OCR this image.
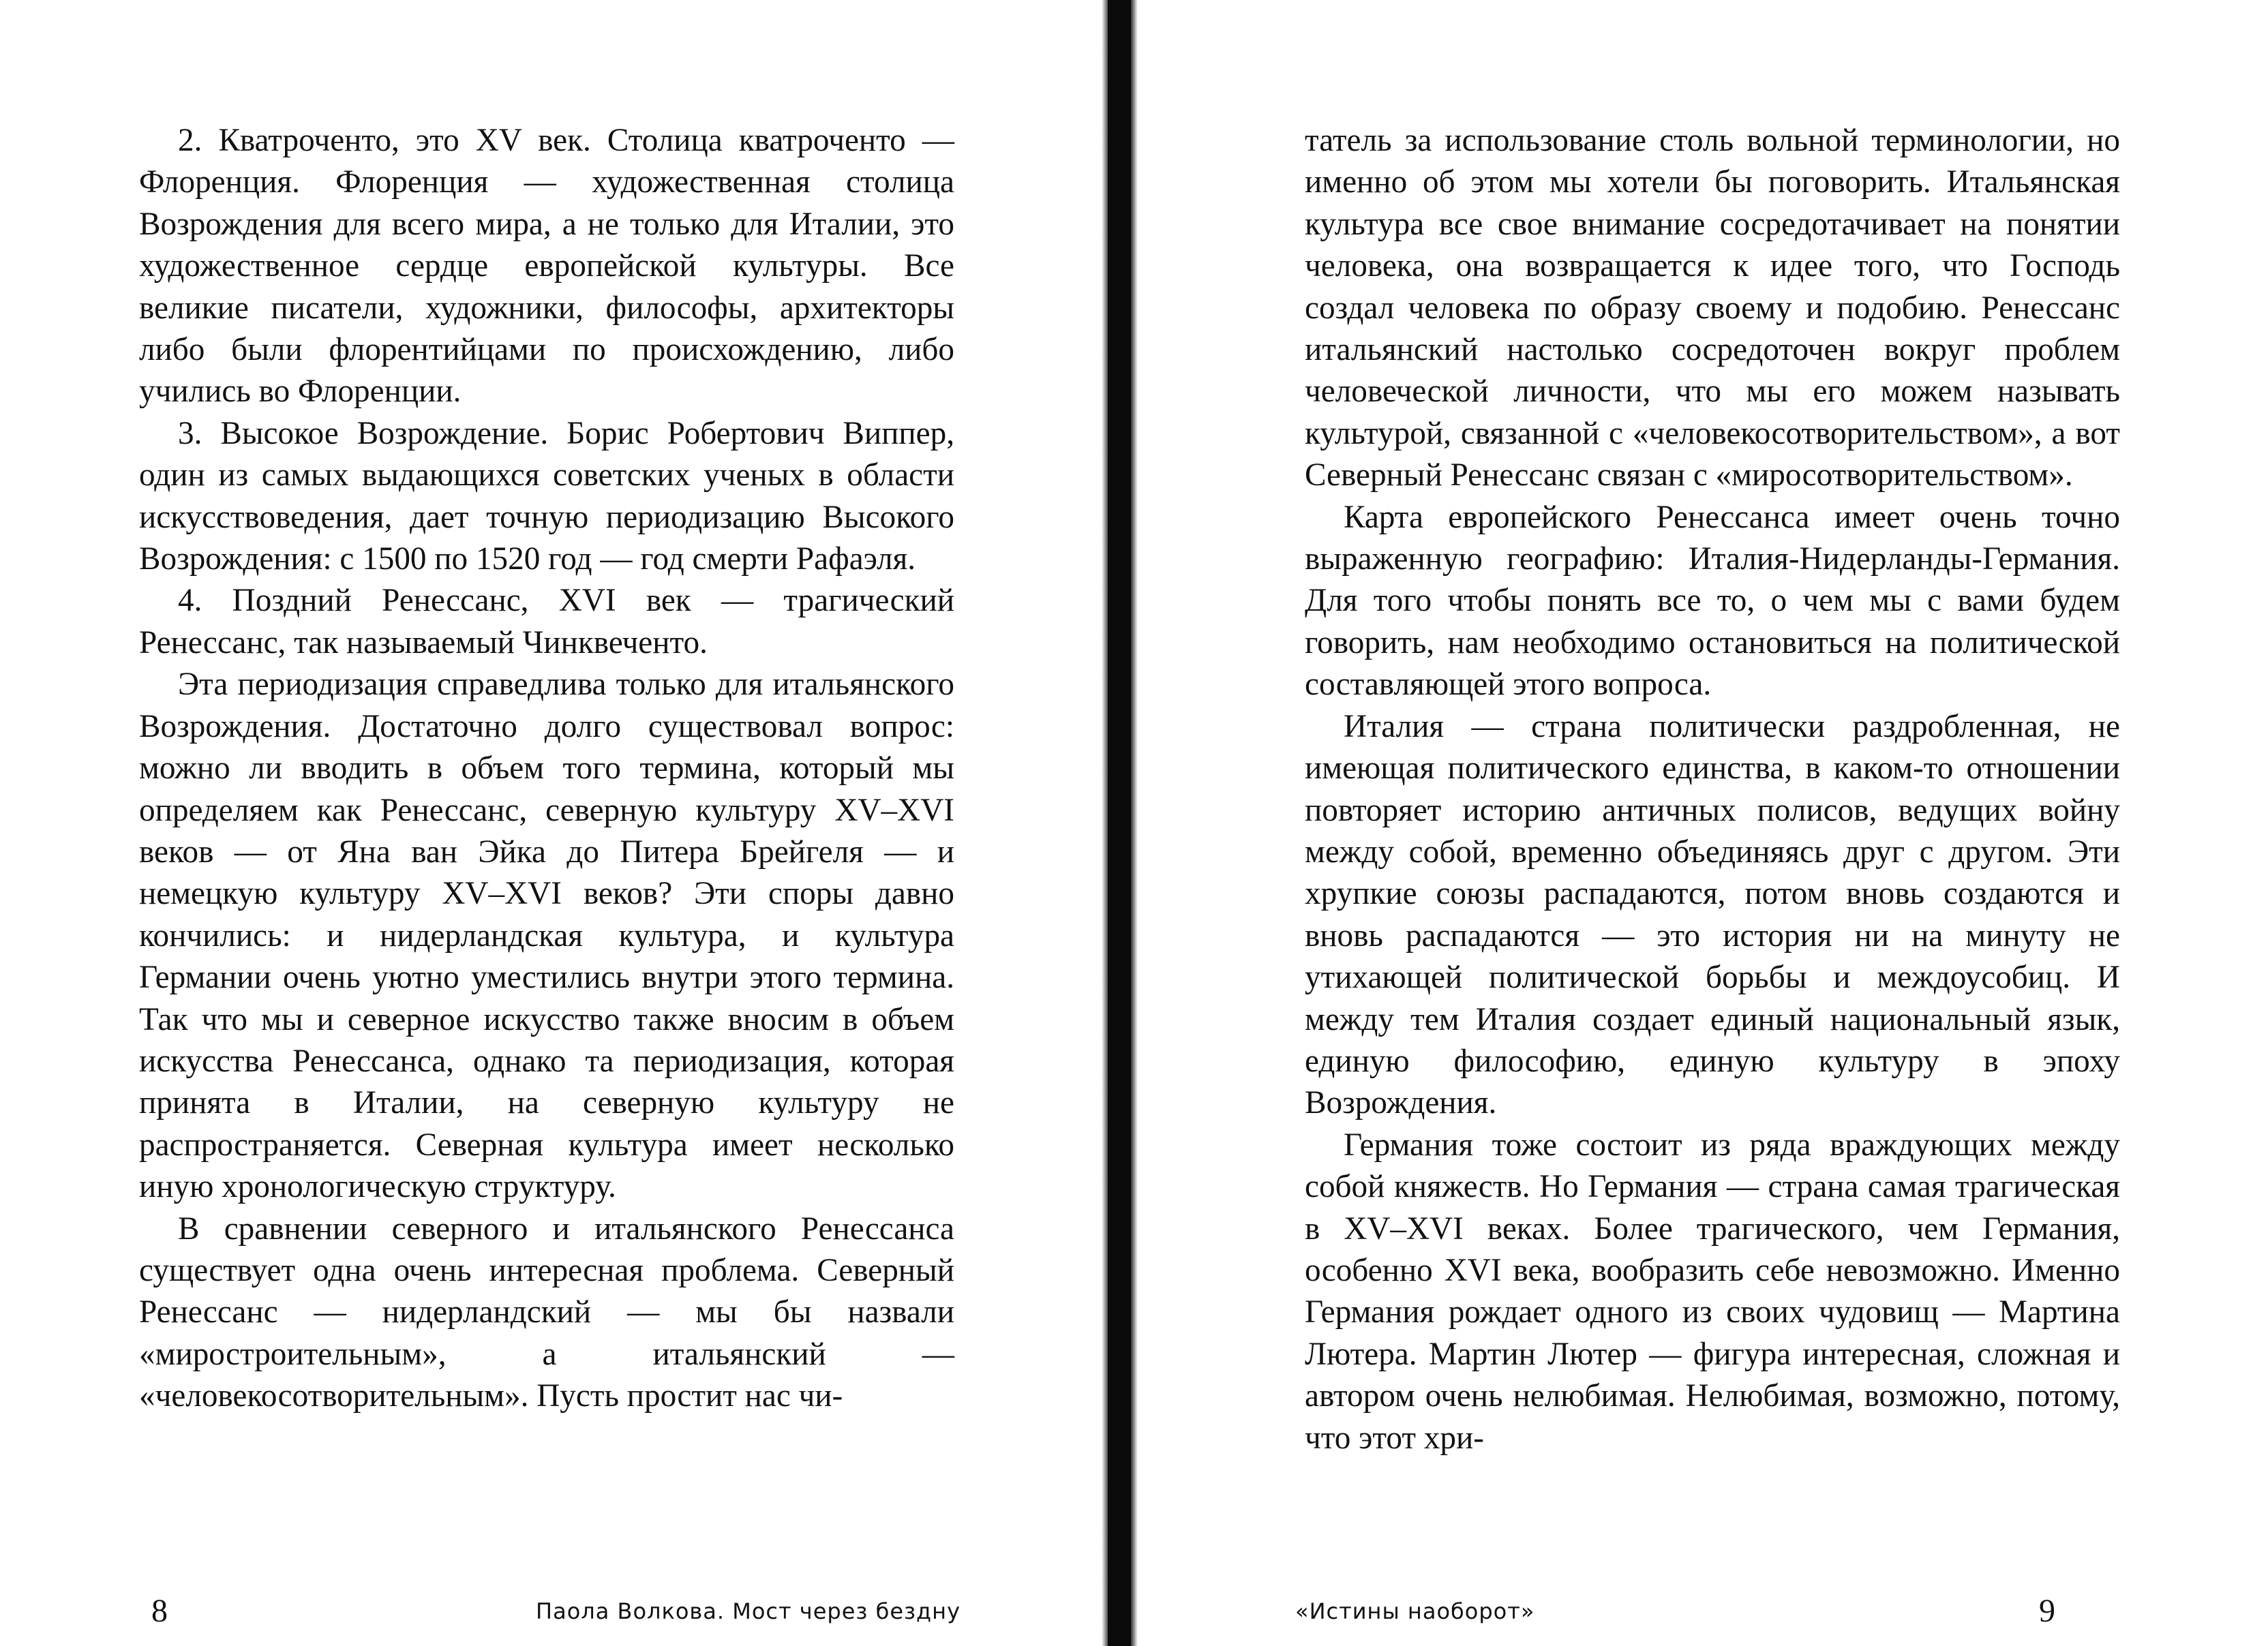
2. Кватроченто, это XV век. Столица кватроченто — Флоренция. Флоренция — художественная столица Возрождения для всего мира, а не только для Италии, это художественное сердце европейской культуры. Все великие писатели, художники, философы, архитекторы либо были флорентийцами по происхождению, либо учились во Флоренции.

3. Высокое Возрождение. Борис Робертович Виппер, один из самых выдающихся советских ученых в области искусствоведения, дает точную периодизацию Высокого Возрождения: с 1500 по 1520 год — год смерти Рафаэля.

4. Поздний Ренессанс, XVI век — трагический Ренессанс, так называемый Чинквеченто.

Эта периодизация справедлива только для итальянского Возрождения. Достаточно долго существовал вопрос: можно ли вводить в объем того термина, который мы определяем как Ренессанс, северную культуру XV–XVI веков — от Яна ван Эйка до Питера Брейгеля — и немецкую культуру XV–XVI веков? Эти споры давно кончились: и нидерландская культура, и культура Германии очень уютно уместились внутри этого термина. Так что мы и северное искусство также вносим в объем искусства Ренессанса, однако та периодизация, которая принята в Италии, на северную культуру не распространяется. Северная культура имеет несколько иную хронологическую структуру.

В сравнении северного и итальянского Ренессанса существует одна очень интересная проблема. Северный Ренессанс — нидерландский — мы бы назвали «миростроительным», а итальянский — «человекосотворительным». Пусть простит нас чи-

8	Паола Волкова. Мост через бездну

татель за использование столь вольной терминологии, но именно об этом мы хотели бы поговорить. Итальянская культура все свое внимание сосредотачивает на понятии человека, она возвращается к идее того, что Господь создал человека по образу своему и подобию. Ренессанс итальянский настолько сосредоточен вокруг проблем человеческой личности, что мы его можем называть культурой, связанной с «человекосотворительством», а вот Северный Ренессанс связан с «миросотворительством».

Карта европейского Ренессанса имеет очень точно выраженную географию: Италия-Нидерланды-Германия. Для того чтобы понять все то, о чем мы с вами будем говорить, нам необходимо остановиться на политической составляющей этого вопроса.

Италия — страна политически раздробленная, не имеющая политического единства, в каком-то отношении повторяет историю античных полисов, ведущих войну между собой, временно объединяясь друг с другом. Эти хрупкие союзы распадаются, потом вновь создаются и вновь распадаются — это история ни на минуту не утихающей политической борьбы и междоусобиц. И между тем Италия создает единый национальный язык, единую философию, единую культуру в эпоху Возрождения.

Германия тоже состоит из ряда враждующих между собой княжеств. Но Германия — страна самая трагическая в XV–XVI веках. Более трагического, чем Германия, особенно XVI века, вообразить себе невозможно. Именно Германия рождает одного из своих чудовищ — Мартина Лютера. Мартин Лютер — фигура интересная, сложная и автором очень нелюбимая. Нелюбимая, возможно, потому, что этот хри-

«Истины наоборот»	9
